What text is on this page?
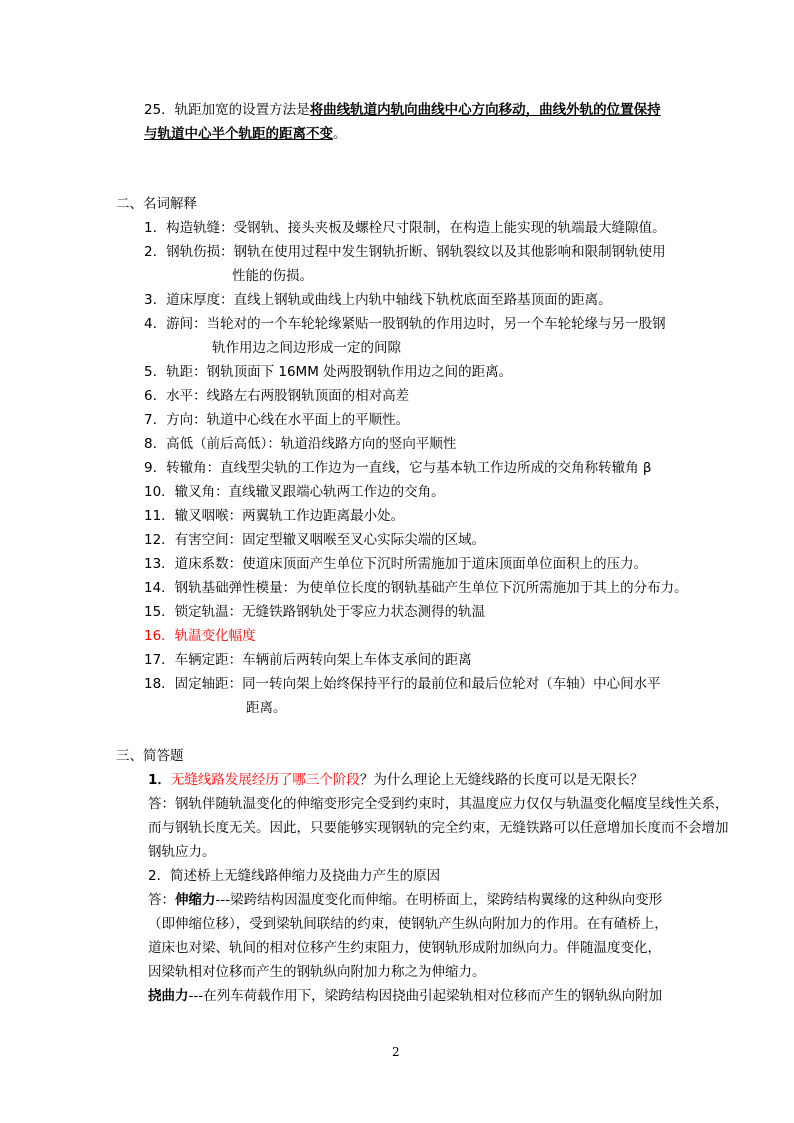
25．轨距加宽的设置方法是将曲线轨道内轨向曲线中心方向移动，曲线外轨的位置保持
与轨道中心半个轨距的距离不变。
二、名词解释
1．构造轨缝：受钢轨、接头夹板及螺栓尺寸限制，在构造上能实现的轨端最大缝隙值。
2．钢轨伤损：钢轨在使用过程中发生钢轨折断、钢轨裂纹以及其他影响和限制钢轨使用
性能的伤损。
3．道床厚度：直线上钢轨或曲线上内轨中轴线下轨枕底面至路基顶面的距离。
4．游间：当轮对的一个车轮轮缘紧贴一股钢轨的作用边时，另一个车轮轮缘与另一股钢
轨作用边之间边形成一定的间隙
5．轨距：钢轨顶面下 16MM 处两股钢轨作用边之间的距离。
6．水平：线路左右两股钢轨顶面的相对高差
7．方向：轨道中心线在水平面上的平顺性。
8．高低（前后高低）：轨道沿线路方向的竖向平顺性
9．转辙角：直线型尖轨的工作边为一直线，它与基本轨工作边所成的交角称转辙角 β
10．辙叉角：直线辙叉跟端心轨两工作边的交角。
11．辙叉咽喉：两翼轨工作边距离最小处。
12．有害空间：固定型辙叉咽喉至叉心实际尖端的区域。
13．道床系数：使道床顶面产生单位下沉时所需施加于道床顶面单位面积上的压力。
14．钢轨基础弹性模量：为使单位长度的钢轨基础产生单位下沉所需施加于其上的分布力。
15．锁定轨温：无缝铁路钢轨处于零应力状态测得的轨温
16．轨温变化幅度
17．车辆定距：车辆前后两转向架上车体支承间的距离
18．固定轴距：同一转向架上始终保持平行的最前位和最后位轮对（车轴）中心间水平
距离。
三、简答题
1．无缝线路发展经历了哪三个阶段？为什么理论上无缝线路的长度可以是无限长？
答：钢轨伴随轨温变化的伸缩变形完全受到约束时，其温度应力仅仅与轨温变化幅度呈线性关系，
而与钢轨长度无关。因此，只要能够实现钢轨的完全约束，无缝铁路可以任意增加长度而不会增加
钢轨应力。
2．简述桥上无缝线路伸缩力及挠曲力产生的原因
答：伸缩力---梁跨结构因温度变化而伸缩。在明桥面上，梁跨结构翼缘的这种纵向变形
（即伸缩位移），受到梁轨间联结的约束，使钢轨产生纵向附加力的作用。在有碴桥上，
道床也对梁、轨间的相对位移产生约束阻力，使钢轨形成附加纵向力。伴随温度变化，
因梁轨相对位移而产生的钢轨纵向附加力称之为伸缩力。
挠曲力---在列车荷载作用下，梁跨结构因挠曲引起梁轨相对位移而产生的钢轨纵向附加
2
